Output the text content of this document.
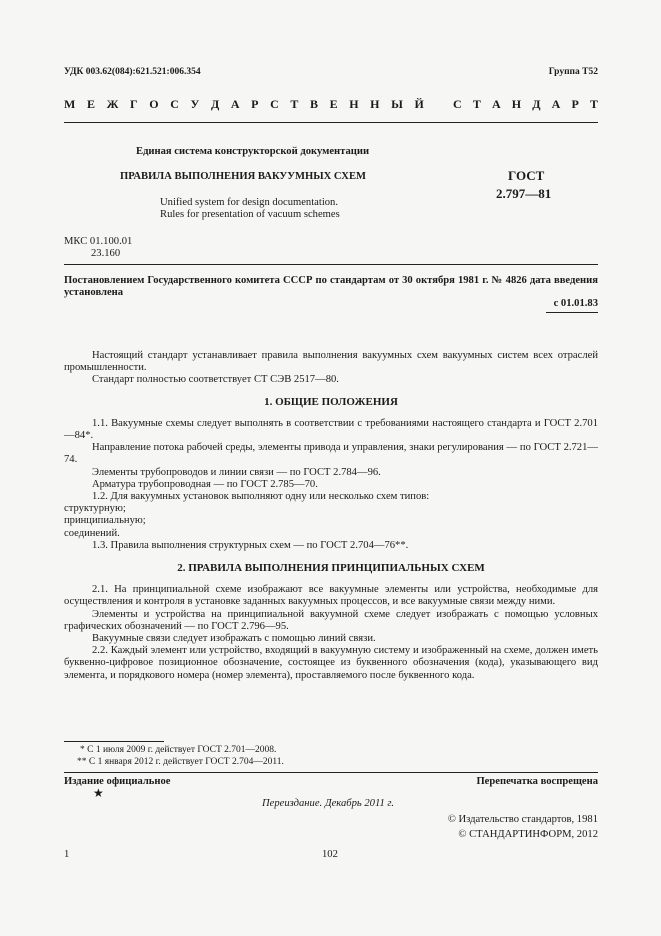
УДК 003.62(084):621.521:006.354	Группа Т52
М Е Ж Г О С У Д А Р С Т В Е Н Н Ы Й С Т А Н Д А Р Т
Единая система конструкторской документации
ПРАВИЛА ВЫПОЛНЕНИЯ ВАКУУМНЫХ СХЕМ
Unified system for design documentation.
Rules for presentation of vacuum schemes
ГОСТ
2.797—81
МКС 01.100.01
23.160
Постановлением Государственного комитета СССР по стандартам от 30 октября 1981 г. № 4826 дата введения установлена
с 01.01.83

Настоящий стандарт устанавливает правила выполнения вакуумных схем вакуумных систем всех отраслей промышленности.

Стандарт полностью соответствует СТ СЭВ 2517—80.

1. ОБЩИЕ ПОЛОЖЕНИЯ

1.1. Вакуумные схемы следует выполнять в соответствии с требованиями настоящего стандарта и ГОСТ 2.701—84*.

Направление потока рабочей среды, элементы привода и управления, знаки регулирования — по ГОСТ 2.721—74.

Элементы трубопроводов и линии связи — по ГОСТ 2.784—96.

Арматура трубопроводная — по ГОСТ 2.785—70.

1.2. Для вакуумных установок выполняют одну или несколько схем типов:

структурную;

принципиальную;

соединений.

1.3. Правила выполнения структурных схем — по ГОСТ 2.704—76**.

2. ПРАВИЛА ВЫПОЛНЕНИЯ ПРИНЦИПИАЛЬНЫХ СХЕМ

2.1. На принципиальной схеме изображают все вакуумные элементы или устройства, необходимые для осуществления и контроля в установке заданных вакуумных процессов, и все вакуумные связи между ними.

Элементы и устройства на принципиальной вакуумной схеме следует изображать с помощью условных графических обозначений — по ГОСТ 2.796—95.

Вакуумные связи следует изображать с помощью линий связи.

2.2. Каждый элемент или устройство, входящий в вакуумную систему и изображенный на схеме, должен иметь буквенно-цифровое позиционное обозначение, состоящее из буквенного обозначения (кода), указывающего вид элемента, и порядкового номера (номер элемента), проставляемого после буквенного кода.

* С 1 июля 2009 г. действует ГОСТ 2.701—2008.
** С 1 января 2012 г. действует ГОСТ 2.704—2011.
Издание официальное	Перепечатка воспрещена
★
Переиздание. Декабрь 2011 г.
© Издательство стандартов, 1981
© СТАНДАРТИНФОРМ, 2012
1	102
